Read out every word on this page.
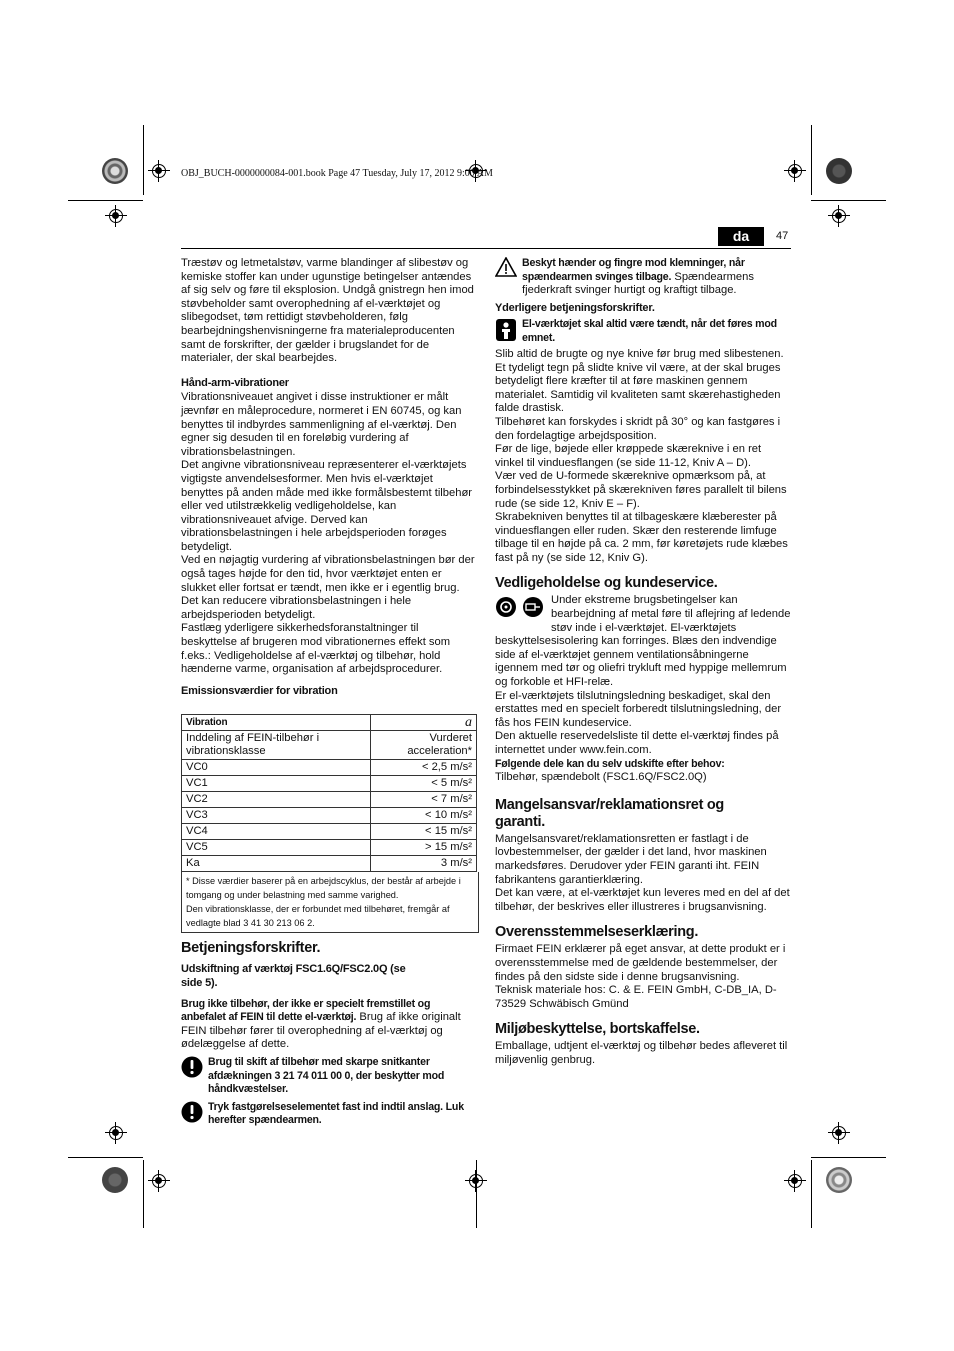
OBJ_BUCH-0000000084-001.book Page 47 Tuesday, July 17, 2012 9:00 AM
da	47

Træstøv og letmetalstøv, varme blandinger af slibestøv og kemiske stoffer kan under ugunstige betingelser antændes af sig selv og føre til eksplosion. Undgå gnistregn hen imod støvbeholder samt overophedning af el-værktøjet og slibegodset, tøm rettidigt støvbeholderen, følg bearbejdningshenvisningerne fra materialeproducenten samt de forskrifter, der gælder i brugslandet for de materialer, der skal bearbejdes.

Hånd-arm-vibrationer

Vibrationsniveauet angivet i disse instruktioner er målt jævnfør en måleprocedure, normeret i EN 60745, og kan benyttes til indbyrdes sammenligning af el-værktøj. Den egner sig desuden til en foreløbig vurdering af vibrationsbelastningen.

Det angivne vibrationsniveau repræsenterer el-værktøjets vigtigste anvendelsesformer. Men hvis el-værktøjet benyttes på anden måde med ikke formålsbestemt tilbehør eller ved utilstrækkelig vedligeholdelse, kan vibrationsniveauet afvige. Derved kan vibrationsbelastningen i hele arbejdsperioden forøges betydeligt.

Ved en nøjagtig vurdering af vibrationsbelastningen bør der også tages højde for den tid, hvor værktøjet enten er slukket eller fortsat er tændt, men ikke er i egentlig brug. Det kan reducere vibrationsbelastningen i hele arbejdsperioden betydeligt.

Fastlæg yderligere sikkerhedsforanstaltninger til beskyttelse af brugeren mod vibrationernes effekt som f.eks.: Vedligeholdelse af el-værktøj og tilbehør, hold hænderne varme, organisation af arbejdsprocedurer.

Emissionsværdier for vibration
Vibration	a
Inddeling af FEIN-tilbehør i vibrationsklasse	Vurderet acceleration*
VC0	< 2,5 m/s²
VC1	< 5 m/s²
VC2	< 7 m/s²
VC3	< 10 m/s²
VC4	< 15 m/s²
VC5	> 15 m/s²
Ka	3 m/s²
* Disse værdier baserer på en arbejdscyklus, der består af arbejde i tomgang og under belastning med samme varighed.
Den vibrationsklasse, der er forbundet med tilbehøret, fremgår af vedlagte blad 3 41 30 213 06 2.
Betjeningsforskrifter.
Udskiftning af værktøj FSC1.6Q/FSC2.0Q (se side 5).

Brug ikke tilbehør, der ikke er specielt fremstillet og anbefalet af FEIN til dette el-værktøj. Brug af ikke originalt FEIN tilbehør fører til overophedning af el-værktøj og ødelæggelse af dette.

Brug til skift af tilbehør med skarpe snitkanter afdækningen 3 21 74 011 00 0, der beskytter mod håndkvæstelser.
Tryk fastgørelseselementet fast ind indtil anslag. Luk herefter spændearmen.
Beskyt hænder og fingre mod klemninger, når spændearmen svinges tilbage. Spændearmens fjederkraft svinger hurtigt og kraftigt tilbage.
Yderligere betjeningsforskrifter.
El-værktøjet skal altid være tændt, når det føres mod emnet.

Slib altid de brugte og nye knive før brug med slibestenen.

Et tydeligt tegn på slidte knive vil være, at der skal bruges betydeligt flere kræfter til at føre maskinen gennem materialet. Samtidig vil kvaliteten samt skærehastigheden falde drastisk.

Tilbehøret kan forskydes i skridt på 30° og kan fastgøres i den fordelagtige arbejdsposition.

Før de lige, bøjede eller krøppede skæreknive i en ret vinkel til vinduesflangen (se side 11-12, Kniv A – D).

Vær ved de U-formede skæreknive opmærksom på, at forbindelsesstykket på skærekniven føres parallelt til bilens rude (se side 12, Kniv E – F).

Skrabekniven benyttes til at tilbageskære klæberester på vinduesflangen eller ruden. Skær den resterende limfuge tilbage til en højde på ca. 2 mm, før køretøjets rude klæbes fast på ny (se side 12, Kniv G).

Vedligeholdelse og kundeservice.

Under ekstreme brugsbetingelser kan bearbejdning af metal føre til aflejring af ledende støv inde i el-værktøjet. El-værktøjets beskyttelsesisolering kan forringes. Blæs den indvendige side af el-værktøjet gennem ventilationsåbningerne igennem med tør og oliefri trykluft med hyppige mellemrum og forkoble et HFI-relæ.

Er el-værktøjets tilslutningsledning beskadiget, skal den erstattes med en specielt forberedt tilslutningsledning, der fås hos FEIN kundeservice.

Den aktuelle reservedelsliste til dette el-værktøj findes på internettet under www.fein.com.

Følgende dele kan du selv udskifte efter behov:

Tilbehør, spændebolt (FSC1.6Q/FSC2.0Q)

Mangelsansvar/reklamationsret og garanti.

Mangelsansvaret/reklamationsretten er fastlagt i de lovbestemmelser, der gælder i det land, hvor maskinen markedsføres. Derudover yder FEIN garanti iht. FEIN fabrikantens garantierklæring.

Det kan være, at el-værktøjet kun leveres med en del af det tilbehør, der beskrives eller illustreres i brugsanvisning.

Overensstemmelseserklæring.

Firmaet FEIN erklærer på eget ansvar, at dette produkt er i overensstemmelse med de gældende bestemmelser, der findes på den sidste side i denne brugsanvisning.

Teknisk materiale hos: C. & E. FEIN GmbH, C-DB_IA, D-73529 Schwäbisch Gmünd

Miljøbeskyttelse, bortskaffelse.

Emballage, udtjent el-værktøj og tilbehør bedes afleveret til miljøvenlig genbrug.
